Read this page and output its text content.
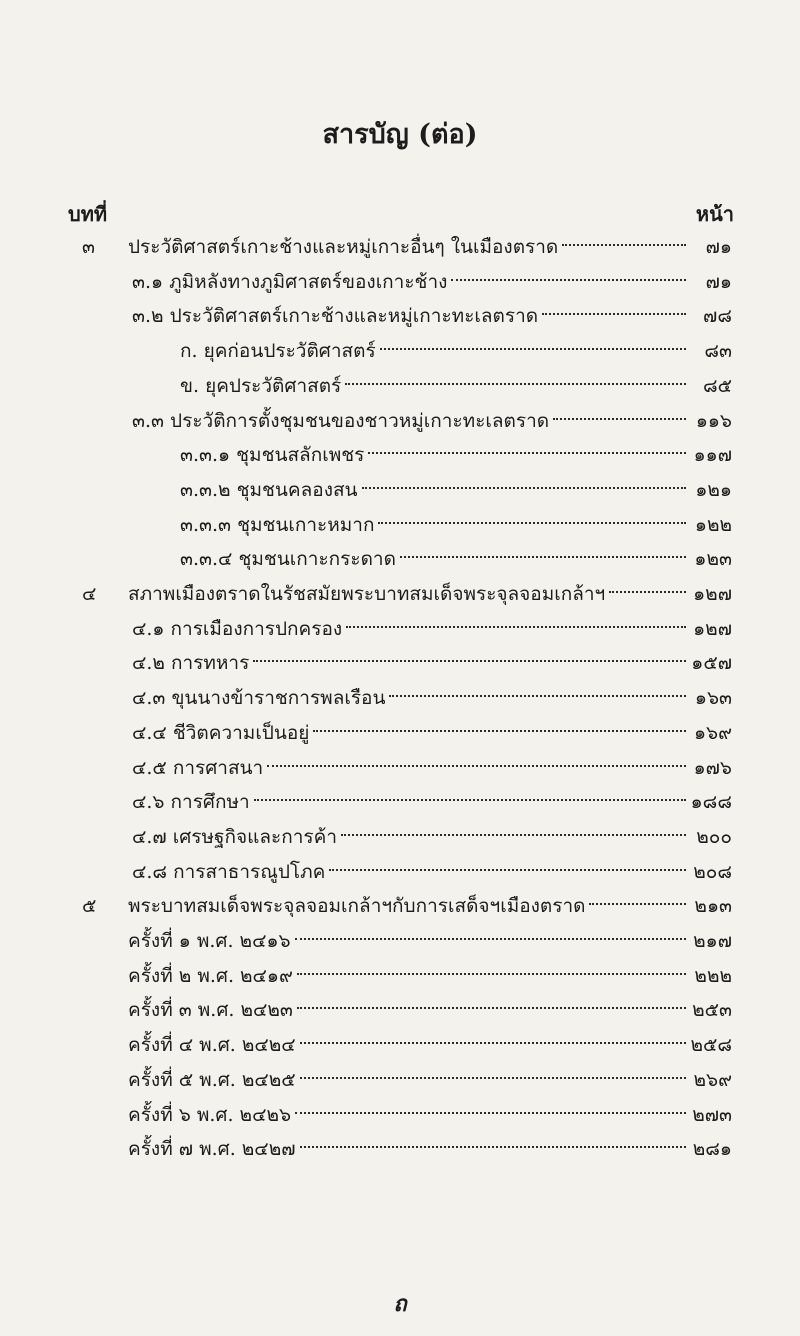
สารบัญ (ต่อ)
บทที่	หน้า
๓ ประวัติศาสตร์เกาะช้างและหมู่เกาะอื่นๆ ในเมืองตราด	๗๑
๓.๑ ภูมิหลังทางภูมิศาสตร์ของเกาะช้าง	๗๑
๓.๒ ประวัติศาสตร์เกาะช้างและหมู่เกาะทะเลตราด	๗๘
ก. ยุคก่อนประวัติศาสตร์	๘๓
ข. ยุคประวัติศาสตร์	๘๕
๓.๓ ประวัติการตั้งชุมชนของชาวหมู่เกาะทะเลตราด	๑๑๖
๓.๓.๑ ชุมชนสลักเพชร	๑๑๗
๓.๓.๒ ชุมชนคลองสน	๑๒๑
๓.๓.๓ ชุมชนเกาะหมาก	๑๒๒
๓.๓.๔ ชุมชนเกาะกระดาด	๑๒๓
๔ สภาพเมืองตราดในรัชสมัยพระบาทสมเด็จพระจุลจอมเกล้าฯ	๑๒๗
๔.๑ การเมืองการปกครอง	๑๒๗
๔.๒ การทหาร	๑๕๗
๔.๓ ขุนนางข้าราชการพลเรือน	๑๖๓
๔.๔ ชีวิตความเป็นอยู่	๑๖๙
๔.๕ การศาสนา	๑๗๖
๔.๖ การศึกษา	๑๘๘
๔.๗ เศรษฐกิจและการค้า	๒๐๐
๔.๘ การสาธารณูปโภค	๒๐๘
๕ พระบาทสมเด็จพระจุลจอมเกล้าฯกับการเสด็จฯเมืองตราด	๒๑๓
ครั้งที่ ๑ พ.ศ. ๒๔๑๖	๒๑๗
ครั้งที่ ๒ พ.ศ. ๒๔๑๙	๒๒๒
ครั้งที่ ๓ พ.ศ. ๒๔๒๓	๒๕๓
ครั้งที่ ๔ พ.ศ. ๒๔๒๔	๒๕๘
ครั้งที่ ๕ พ.ศ. ๒๔๒๕	๒๖๙
ครั้งที่ ๖ พ.ศ. ๒๔๒๖	๒๗๓
ครั้งที่ ๗ พ.ศ. ๒๔๒๗	๒๘๑
ถ
